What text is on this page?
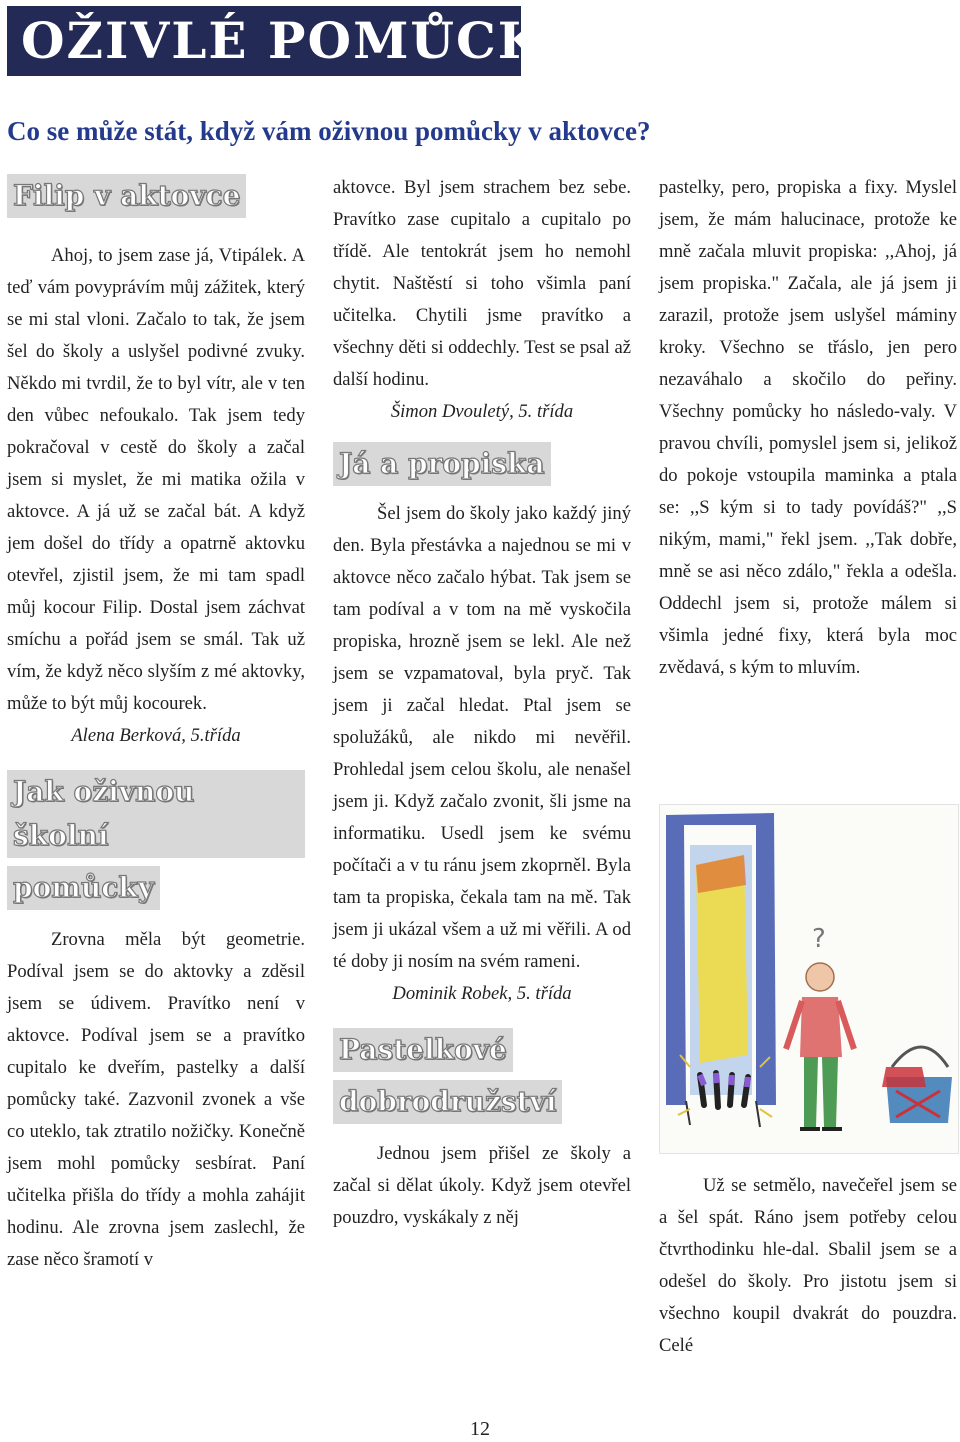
OŽIVLÉ POMŮCKY
Co se může stát, když vám oživnou pomůcky v aktovce?
Filip v aktovce

Ahoj, to jsem zase já, Vtipálek. A teď vám povyprávím můj zážitek, který se mi stal vloni. Začalo to tak, že jsem šel do školy a uslyšel podivné zvuky. Někdo mi tvrdil, že to byl vítr, ale v ten den vůbec nefoukalo. Tak jsem tedy pokračoval v cestě do školy a začal jsem si myslet, že mi matika ožila v aktovce. A já už se začal bát. A když jem došel do třídy a opatrně aktovku otevřel, zjistil jsem, že mi tam spadl můj kocour Filip. Dostal jsem záchvat smíchu a pořád jsem se smál. Tak už vím, že když něco slyším z mé aktovky, může to být můj kocourek.

Alena Berková, 5.třída

Jak oživnou školní
pomůcky

Zrovna měla být geometrie. Podíval jsem se do aktovky a zděsil jsem se údivem. Pravítko není v aktovce. Podíval jsem se a pravítko cupitalo ke dveřím, pastelky a další pomůcky také. Zazvonil zvonek a vše co uteklo, tak ztratilo nožičky. Konečně jsem mohl pomůcky sesbírat. Paní učitelka přišla do třídy a mohla zahájit hodinu. Ale zrovna jsem zaslechl, že zase něco šramotí v

aktovce. Byl jsem strachem bez sebe. Pravítko zase cupitalo a cupitalo po třídě. Ale tentokrát jsem ho nemohl chytit. Naštěstí si toho všimla paní učitelka. Chytili jsme pravítko a všechny děti si oddechly. Test se psal až další hodinu.

Šimon Dvouletý, 5. třída

Já a propiska

Šel jsem do školy jako každý jiný den. Byla přestávka a najednou se mi v aktovce něco začalo hýbat. Tak jsem se tam podíval a v tom na mě vyskočila propiska, hrozně jsem se lekl. Ale než jsem se vzpamatoval, byla pryč. Tak jsem ji začal hledat. Ptal jsem se spolužáků, ale nikdo mi nevěřil. Prohledal jsem celou školu, ale nenašel jsem ji. Když začalo zvonit, šli jsme na informatiku. Usedl jsem ke svému počítači a v tu ránu jsem zkoprněl. Byla tam ta propiska, čekala tam na mě. Tak jsem ji ukázal všem a už mi věřili. A od té doby ji nosím na svém rameni.

Dominik Robek, 5. třída

Pastelkové
dobrodružství

Jednou jsem přišel ze školy a začal si dělat úkoly. Když jsem otevřel pouzdro, vyskákaly z něj

pastelky, pero, propiska a fixy. Myslel jsem, že mám halucinace, protože ke mně začala mluvit propiska: ,,Ahoj, já jsem propiska." Začala, ale já jsem ji zarazil, protože jsem uslyšel máminy kroky. Všechno se třáslo, jen pero nezaváhalo a skočilo do peřiny. Všechny pomůcky ho následo-valy. V pravou chvíli, pomyslel jsem si, jelikož do pokoje vstoupila maminka a ptala se: ,,S kým si to tady povídáš?" ,,S nikým, mami," řekl jsem. ,,Tak dobře, mně se asi něco zdálo," řekla a odešla. Oddechl jsem si, protože málem si všimla jedné fixy, která byla moc zvědavá, s kým to mluvím.

?

Už se setmělo, navečeřel jsem se a šel spát. Ráno jsem potřeby celou čtvrthodinku hle-dal. Sbalil jsem se a odešel do školy. Pro jistotu jsem si všechno koupil dvakrát do pouzdra. Celé

12
